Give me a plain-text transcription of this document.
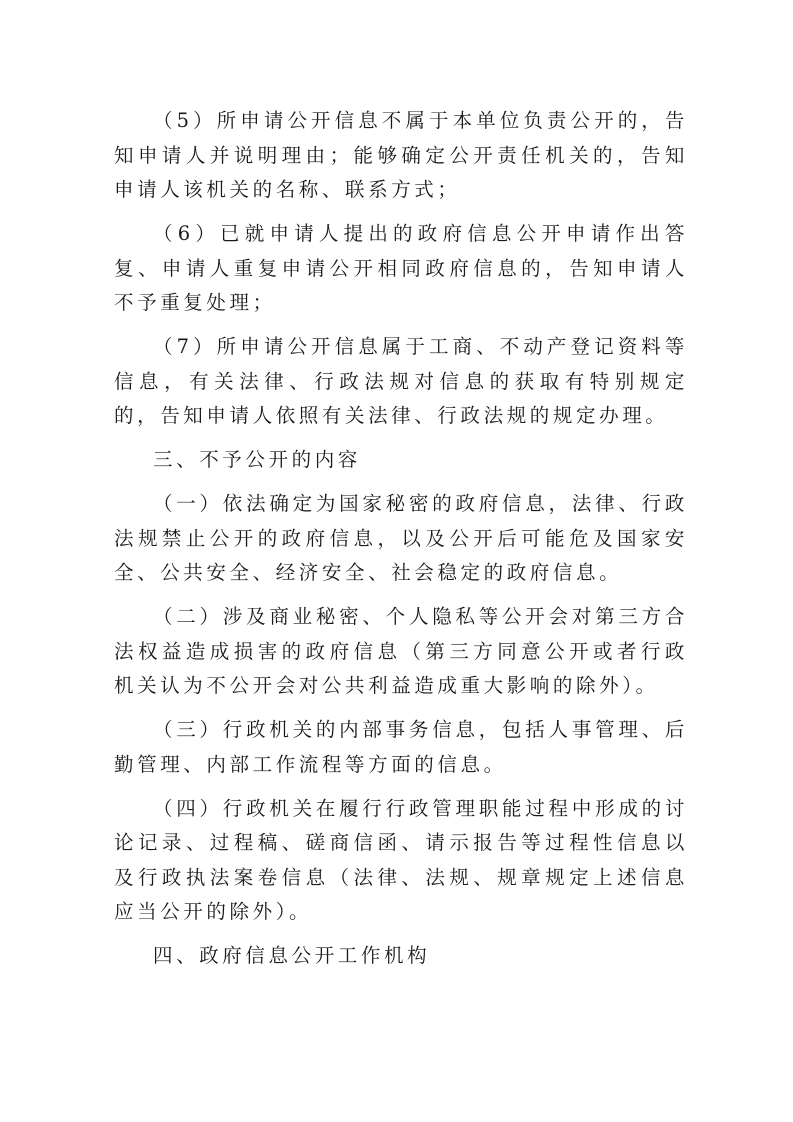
（5）所申请公开信息不属于本单位负责公开的，告知申请人并说明理由；能够确定公开责任机关的，告知申请人该机关的名称、联系方式；

（6）已就申请人提出的政府信息公开申请作出答复、申请人重复申请公开相同政府信息的，告知申请人不予重复处理；

（7）所申请公开信息属于工商、不动产登记资料等信息，有关法律、行政法规对信息的获取有特别规定的，告知申请人依照有关法律、行政法规的规定办理。

三、不予公开的内容

（一）依法确定为国家秘密的政府信息，法律、行政法规禁止公开的政府信息，以及公开后可能危及国家安全、公共安全、经济安全、社会稳定的政府信息。

（二）涉及商业秘密、个人隐私等公开会对第三方合法权益造成损害的政府信息（第三方同意公开或者行政机关认为不公开会对公共利益造成重大影响的除外）。

（三）行政机关的内部事务信息，包括人事管理、后勤管理、内部工作流程等方面的信息。

（四）行政机关在履行行政管理职能过程中形成的讨论记录、过程稿、磋商信函、请示报告等过程性信息以及行政执法案卷信息（法律、法规、规章规定上述信息应当公开的除外）。

四、政府信息公开工作机构
